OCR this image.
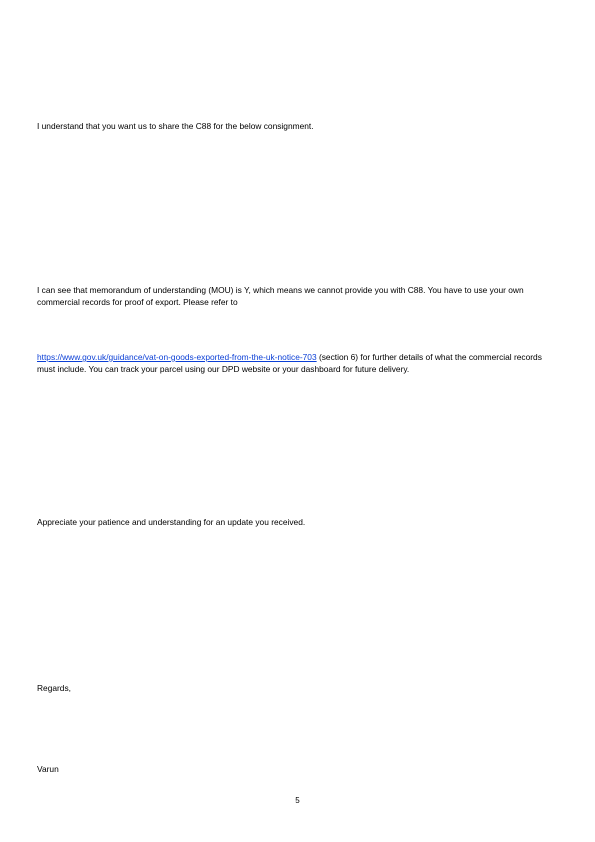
I understand that you want us to share the C88 for the below consignment.

I can see that memorandum of understanding (MOU) is Y, which means we cannot provide you with C88. You have to use your own commercial records for proof of export. Please refer to

https://www.gov.uk/guidance/vat-on-goods-exported-from-the-uk-notice-703 (section 6) for further details of what the commercial records must include. You can track your parcel using our DPD website or your dashboard for future delivery.

Appreciate your patience and understanding for an update you received.

Regards,

Varun

5
